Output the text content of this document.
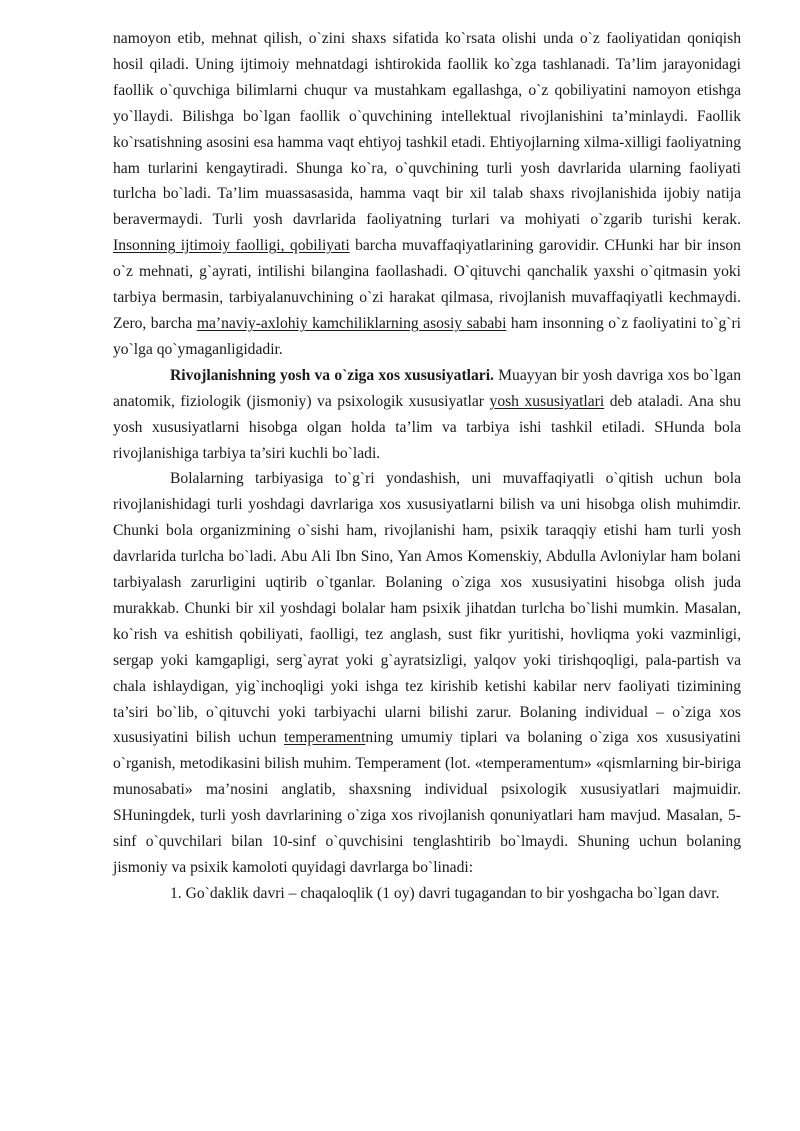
namoyon etib, mehnat qilish, o`zini shaxs sifatida ko`rsata olishi unda o`z faoliyatidan qoniqish hosil qiladi. Uning ijtimoiy mehnatdagi ishtirokida faollik ko`zga tashlanadi. Ta’lim jarayonidagi faollik o`quvchiga bilimlarni chuqur va mustahkam egallashga, o`z qobiliyatini namoyon etishga yo`llaydi. Bilishga bo`lgan faollik o`quvchining intellektual rivojlanishini ta’minlaydi. Faollik ko`rsatishning asosini esa hamma vaqt ehtiyoj tashkil etadi. Ehtiyojlarning xilma-xilligi faoliyatning ham turlarini kengaytiradi. Shunga ko`ra, o`quvchining turli yosh davrlarida ularning faoliyati turlcha bo`ladi. Ta’lim muassasasida, hamma vaqt bir xil talab shaxs rivojlanishida ijobiy natija beravermaydi. Turli yosh davrlarida faoliyatning turlari va mohiyati o`zgarib turishi kerak. Insonning ijtimoiy faolligi, qobiliyati barcha muvaffaqiyatlarining garovidir. CHunki har bir inson o`z mehnati, g`ayrati, intilishi bilangina faollashadi. O`qituvchi qanchalik yaxshi o`qitmasin yoki tarbiya bermasin, tarbiyalanuvchining o`zi harakat qilmasa, rivojlanish muvaffaqiyatli kechmaydi. Zero, barcha ma’naviy-axlohiy kamchiliklarning asosiy sababi ham insonning o`z faoliyatini to`g`ri yo`lga qo`ymaganligidadir.

Rivojlanishning yosh va o`ziga xos xususiyatlari. Muayyan bir yosh davriga xos bo`lgan anatomik, fiziologik (jismoniy) va psixologik xususiyatlar yosh xususiyatlari deb ataladi. Ana shu yosh xususiyatlarni hisobga olgan holda ta’lim va tarbiya ishi tashkil etiladi. SHunda bola rivojlanishiga tarbiya ta’siri kuchli bo`ladi.

Bolalarning tarbiyasiga to`g`ri yondashish, uni muvaffaqiyatli o`qitish uchun bola rivojlanishidagi turli yoshdagi davrlariga xos xususiyatlarni bilish va uni hisobga olish muhimdir. Chunki bola organizmining o`sishi ham, rivojlanishi ham, psixik taraqqiy etishi ham turli yosh davrlarida turlcha bo`ladi. Abu Ali Ibn Sino, Yan Amos Komenskiy, Abdulla Avloniylar ham bolani tarbiyalash zarurligini uqtirib o`tganlar. Bolaning o`ziga xos xususiyatini hisobga olish juda murakkab. Chunki bir xil yoshdagi bolalar ham psixik jihatdan turlcha bo`lishi mumkin. Masalan, ko`rish va eshitish qobiliyati, faolligi, tez anglash, sust fikr yuritishi, hovliqma yoki vazminligi, sergap yoki kamgapligi, serg`ayrat yoki g`ayratsizligi, yalqov yoki tirishqoqligi, pala-partish va chala ishlaydigan, yig`inchoqligi yoki ishga tez kirishib ketishi kabilar nerv faoliyati tizimining ta’siri bo`lib, o`qituvchi yoki tarbiyachi ularni bilishi zarur. Bolaning individual – o`ziga xos xususiyatini bilish uchun temperamentning umumiy tiplari va bolaning o`ziga xos xususiyatini o`rganish, metodikasini bilish muhim. Temperament (lot. «temperamentum» «qismlarning bir-biriga munosabati» ma’nosini anglatib, shaxsning individual psixologik xususiyatlari majmuidir. SHuningdek, turli yosh davrlarining o`ziga xos rivojlanish qonuniyatlari ham mavjud. Masalan, 5-sinf o`quvchilari bilan 10-sinf o`quvchisini tenglashtirib bo`lmaydi. Shuning uchun bolaning jismoniy va psixik kamoloti quyidagi davrlarga bo`linadi:

1. Go`daklik davri – chaqaloqlik (1 oy) davri tugagandan to bir yoshgacha bo`lgan davr.
